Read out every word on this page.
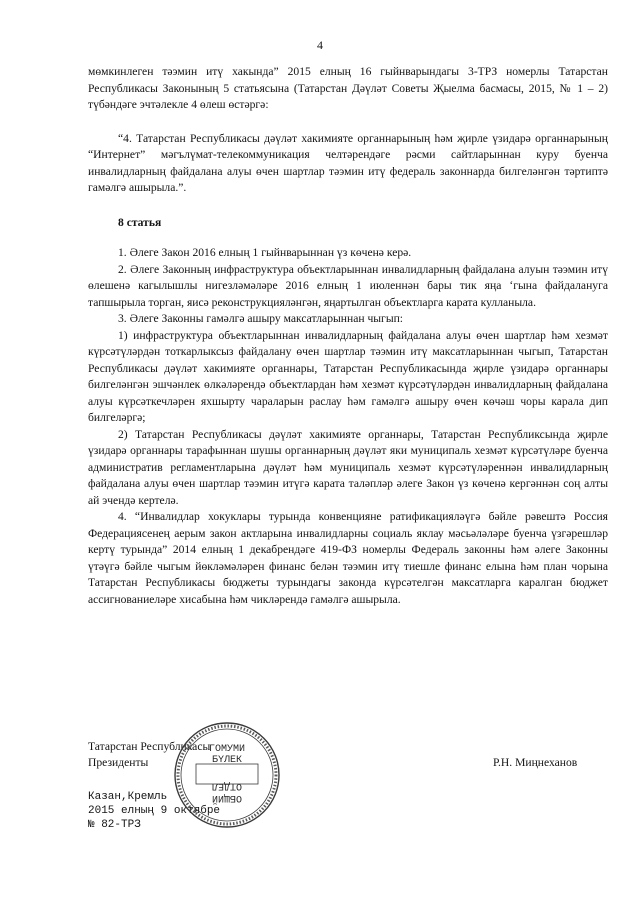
4

мөмкинлеген тәэмин итү хакында” 2015 елның 16 гыйнварындагы 3-ТРЗ номерлы Татарстан Республикасы Законының 5 статьясына (Татарстан Дәүләт Советы Җыелма басмасы, 2015, № 1 – 2) түбәндәге эчтәлекле 4 өлеш өстәргә:

“4. Татарстан Республикасы дәүләт хакимияте органнарының һәм җирле үзидарә органнарының “Интернет” мәгълүмат-телекоммуникация челтәрендәге рәсми сайтларыннан куру буенча инвалидларның файдалана алуы өчен шартлар тәэмин итү федераль законнарда билгеләнгән тәртиптә гамәлгә ашырыла.”.

8 статья

1. Әлеге Закон 2016 елның 1 гыйнварыннан үз көченә керә.

2. Әлеге Законның инфраструктура объектларыннан инвалидларның файдалана алуын тәэмин итү өлешенә кагылышлы нигезләмәләре 2016 елның 1 июленнән бары тик яңа ‘гына файдалануга тапшырыла торган, яисә реконструкцияләнгән, яңартылган объектларга карата кулланыла.

3. Әлеге Законны гамәлгә ашыру максатларыннан чыгып:

1) инфраструктура объектларыннан инвалидларның файдалана алуы өчен шартлар һәм хезмәт күрсәтүләрдән тоткарлыксыз файдалану өчен шартлар тәэмин итү максатларыннан чыгып, Татарстан Республикасы дәүләт хакимияте органнары, Татарстан Республикасында җирле үзидарә органнары билгеләнгән эшчәнлек өлкәләрендә объектлардан һәм хезмәт күрсәтүләрдән инвалидларның файдалана алуы күрсәткечләрен яхшырту чараларын раслау һәм гамәлгә ашыру өчен көчәш чоры карала дип билгеләргә;

2) Татарстан Республикасы дәүләт хакимияте органнары, Татарстан Республиксында җирле үзидарә органнары тарафыннан шушы органнарның дәүләт яки муниципаль хезмәт күрсәтүләре буенча административ регламентларына дәүләт һәм муниципаль хезмәт күрсәтүләреннән инвалидларның файдалана алуы өчен шартлар тәэмин итүгә карата таләпләр әлеге Закон үз көченә кергәннән соң алты ай эчендә кертелә.

4. “Инвалидлар хокуклары турында конвенцияне ратификацияләүгә бәйле рәвештә Россия Федерациясенең аерым закон актларына инвалидларны социаль яклау мәсьәләләре буенча үзгәрешләр кертү турында” 2014 елның 1 декабрендәге 419-ФЗ номерлы Федераль законны һәм әлеге Законны үтәүгә бәйле чыгым йөкләмәләрен финанс белән тәэмин итү тиешле финанс елына һәм план чорына Татарстан Республикасы бюджеты турындагы законда күрсәтелгән максатларга каралган бюджет ассигнованиеләре хисабына һәм чикләрендә гамәлгә ашырыла.

Татарстан Республикасы
Президенты	Р.Н. Миңнеханов
Казан,Кремль
2015 елның 9 октябре
№ 82-ТРЗ
ГОМУМИ
БҮЛЕК
ОТДЕЛ
ОБЩИЙ
